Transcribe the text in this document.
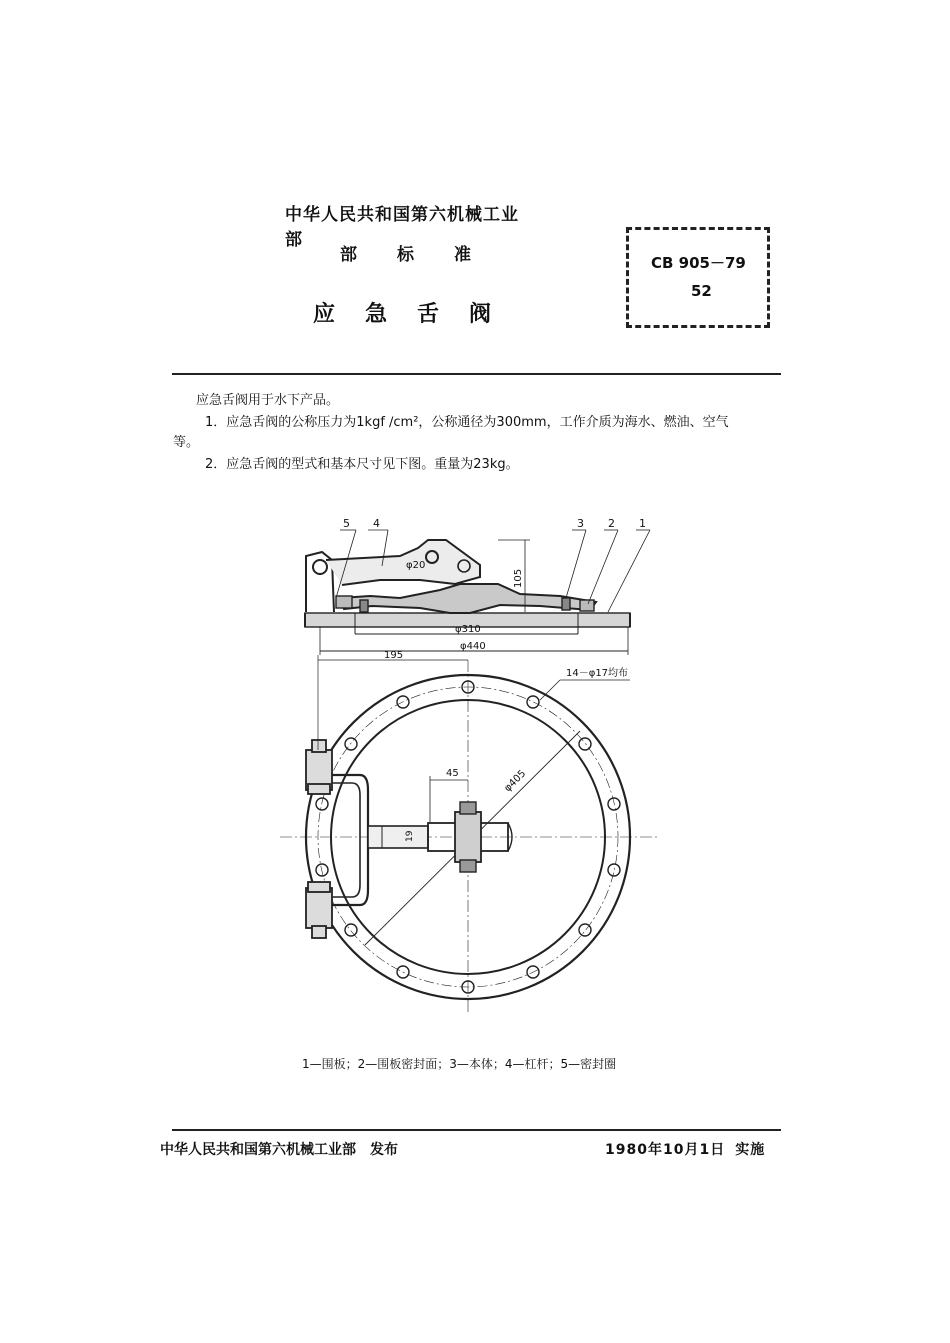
中华人民共和国第六机械工业部
部 标 准
应 急 舌 阀
CB 905－79
52
应急舌阀用于水下产品。
1．应急舌阀的公称压力为1kgf ∕cm²，公称通径为300mm，工作介质为海水、燃油、空气
等。
2．应急舌阀的型式和基本尺寸见下图。重量为23kg。
5 4	3 2 1
φ20
105
φ310
φ440
195
14－φ17均布
45	φ405
19
1—围板；2—围板密封面；3—本体；4—杠杆；5—密封圈
中华人民共和国第六机械工业部 发布	1980年10月1日 实施
